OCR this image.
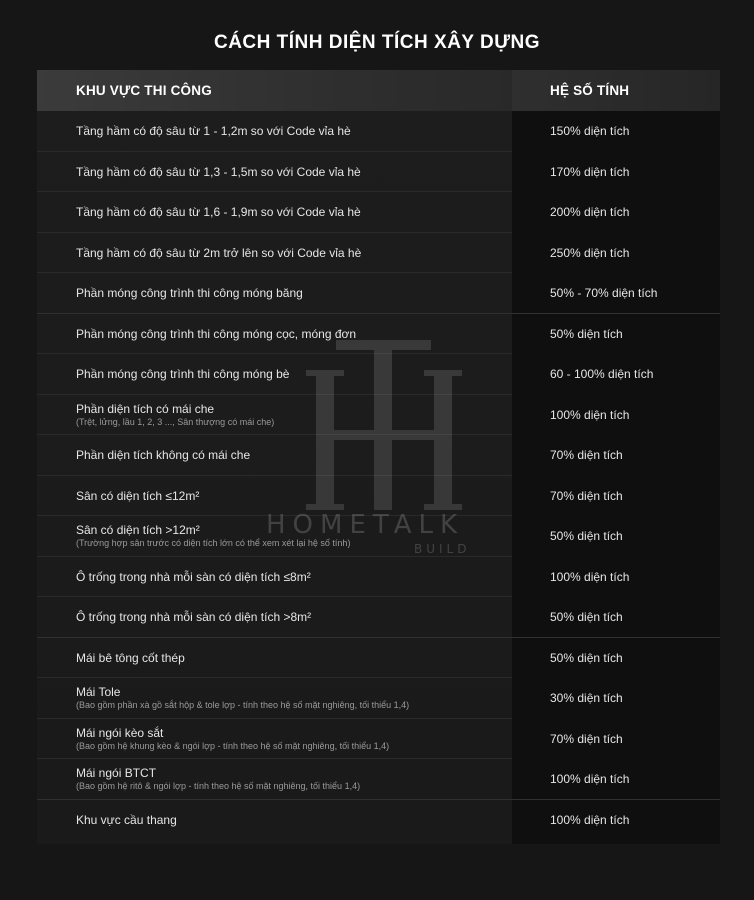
CÁCH TÍNH DIỆN TÍCH XÂY DỰNG
KHU VỰC THI CÔNG	HỆ SỐ TÍNH
Tầng hầm có độ sâu từ 1 - 1,2m so với Code vỉa hè	150% diện tích
Tầng hầm có độ sâu từ 1,3 - 1,5m so với Code vỉa hè	170% diện tích
Tầng hầm có độ sâu từ 1,6 - 1,9m so với Code vỉa hè	200% diện tích
Tầng hầm có độ sâu từ 2m trở lên so với Code vỉa hè	250% diện tích
Phần móng công trình thi công móng băng	50% - 70% diện tích
Phần móng công trình thi công móng cọc, móng đơn	50% diện tích
Phần móng công trình thi công móng bè	60 - 100% diện tích
Phần diện tích có mái che
(Trệt, lửng, lầu 1, 2, 3 ..., Sân thượng có mái che)	100% diện tích
Phần diện tích không có mái che	70% diện tích
Sân có diện tích ≤12m²	70% diện tích
Sân có diện tích >12m²
(Trường hợp sân trước có diện tích lớn có thể xem xét lại hệ số tính)	50% diện tích
Ô trống trong nhà mỗi sàn có diện tích ≤8m²	100% diện tích
Ô trống trong nhà mỗi sàn có diện tích >8m²	50% diện tích
Mái bê tông cốt thép	50% diện tích
Mái Tole
(Bao gồm phần xà gồ sắt hộp & tole lợp - tính theo hệ số mặt nghiêng, tối thiểu 1,4)	30% diện tích
Mái ngói kèo sắt
(Bao gồm hệ khung kèo & ngói lợp - tính theo hệ số mặt nghiêng, tối thiểu 1,4)	70% diện tích
Mái ngói BTCT
(Bao gồm hệ ritô & ngói lợp - tính theo hệ số mặt nghiêng, tối thiểu 1,4)	100% diện tích
Khu vực cầu thang	100% diện tích
HOMETALK
BUILD
